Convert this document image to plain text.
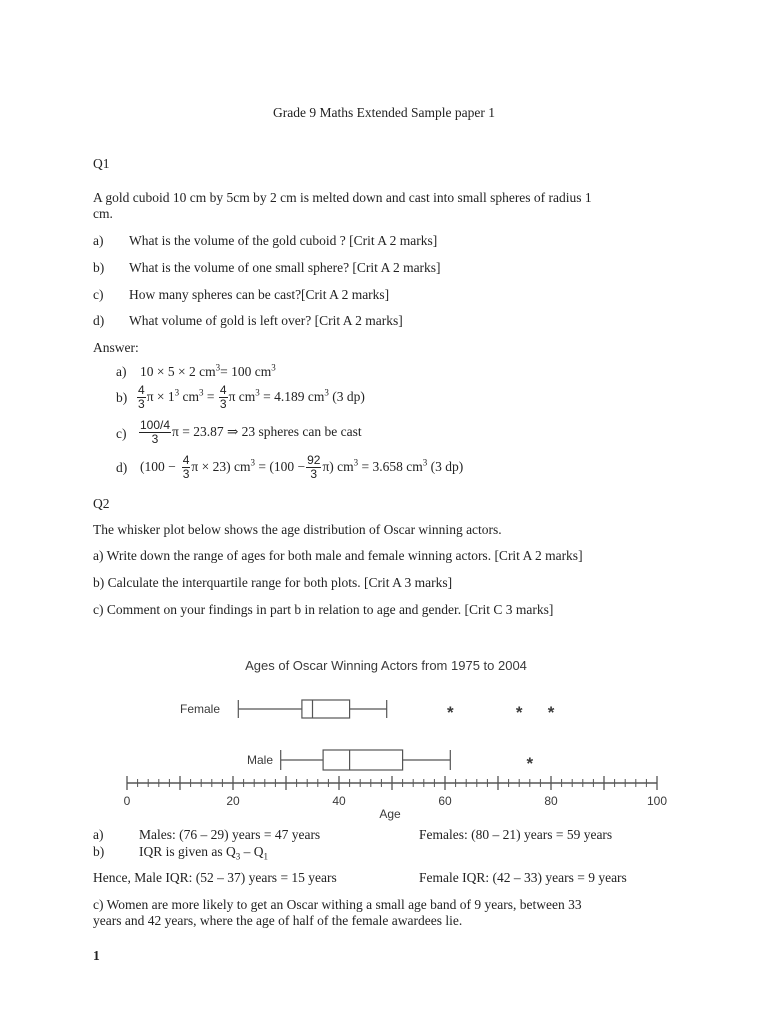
Grade 9 Maths Extended Sample paper 1
Q1
A gold cuboid 10 cm by 5cm by 2 cm is melted down and cast into small spheres of radius 1
cm.
a) What is the volume of the gold cuboid ? [Crit A 2 marks]
b) What is the volume of one small sphere? [Crit A 2 marks]
c) How many spheres can be cast?[Crit A 2 marks]
d) What volume of gold is left over? [Crit A 2 marks]
Answer:
a) 10 × 5 × 2 $cm^3= 100$ $cm^3$
$b) \frac{4}{3}$ $\pi \times 1^3$ $cm^3 = \frac{4}{3}$ π $cm^3 = 4.189$ $cm^3$ (3 dp)
$c) \frac{100/4}{3}$ π = 23.87 ⇒ 23 spheres can be cast
d) ($100 - \frac{4}{3}$ π × 23) $cm^3 = (100 - \frac{92}{3} \pi) cm^3 = 3.658$ $cm^3$ (3 dp)
Q2
The whisker plot below shows the age distribution of Oscar winning actors.
a) Write down the range of ages for both male and female winning actors. [Crit A 2 marks]
b) Calculate the interquartile range for both plots. [Crit A 3 marks]
c) Comment on your findings in part b in relation to age and gender. [Crit C 3 marks]
Ages of Oscar Winning Actors from 1975 to 2004
Female
Male
0	20	40	60	80	100
*	* *
*
Age
a)	Males: (76 – 29) years = 47 years	Females: (80 – 21) years = 59 years
b)	IQR is given as $Q_3 - Q_1$
Hence, Male IQR: (52 – 37) years = 15 years	Female IQR: (42 – 33) years = 9 years
c) Women are more likely to get an Oscar withing a small age band of 9 years, between 33
years and 42 years, where the age of half of the female awardees lie.
1
